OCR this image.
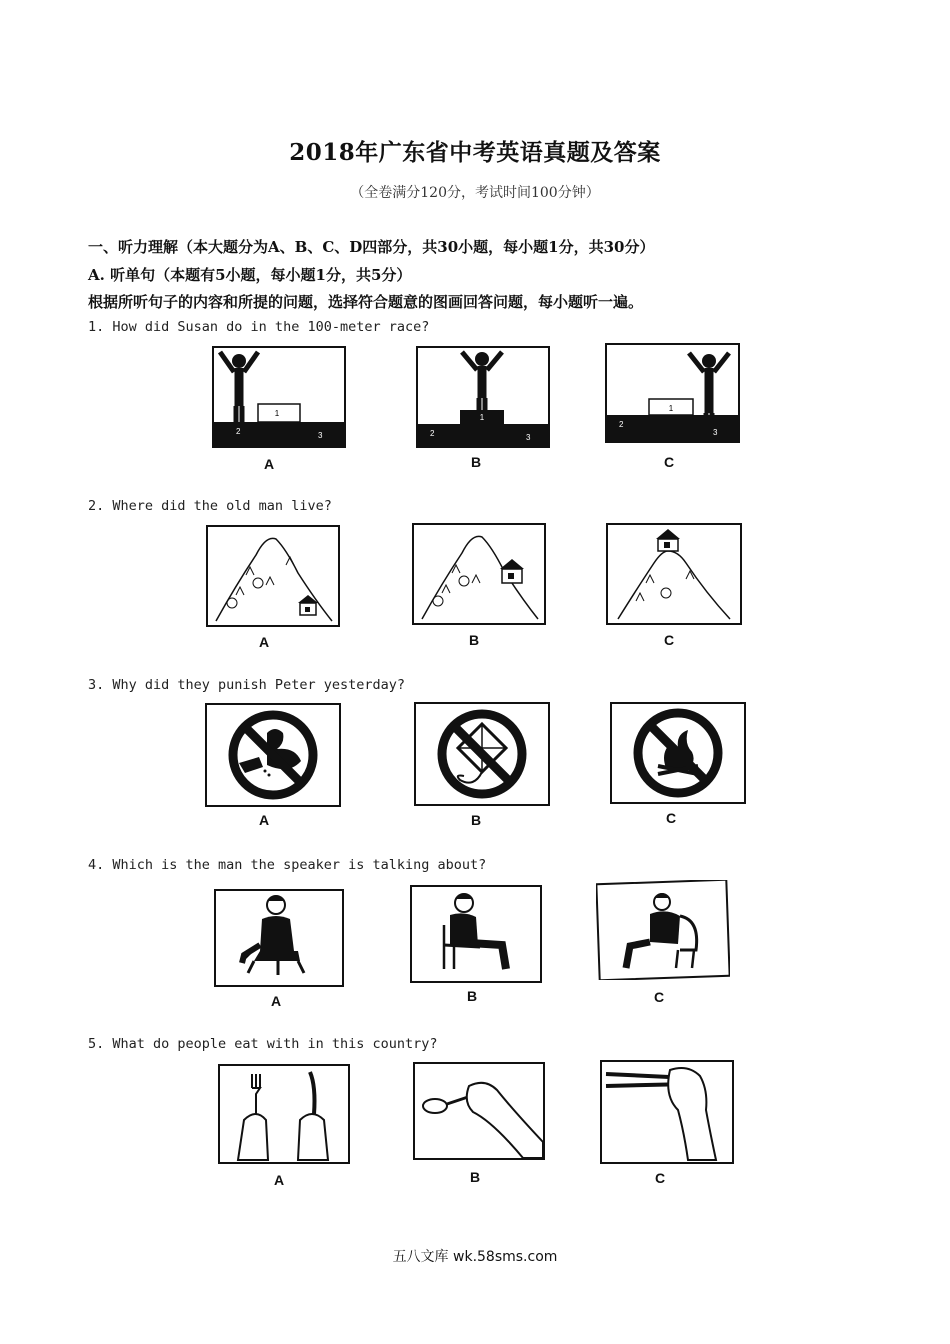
2018年广东省中考英语真题及答案
（全卷满分120分，考试时间100分钟）
一、听力理解（本大题分为A、B、C、D四部分，共30小题，每小题1分，共30分）
A. 听单句（本题有5小题，每小题1分，共5分）
根据所听句子的内容和所提的问题，选择符合题意的图画回答问题，每小题听一遍。
1. How did Susan do in the 100-meter race?
1
2	3
A
1
2	3
B
1
2
3
C
2. Where did the old man live?
A	B	C
3. Why did they punish Peter yesterday?
A	B	C
4. Which is the man the speaker is talking about?
A	B	C
5. What do people eat with in this country?
A	B	C
五八文库 wk.58sms.com
